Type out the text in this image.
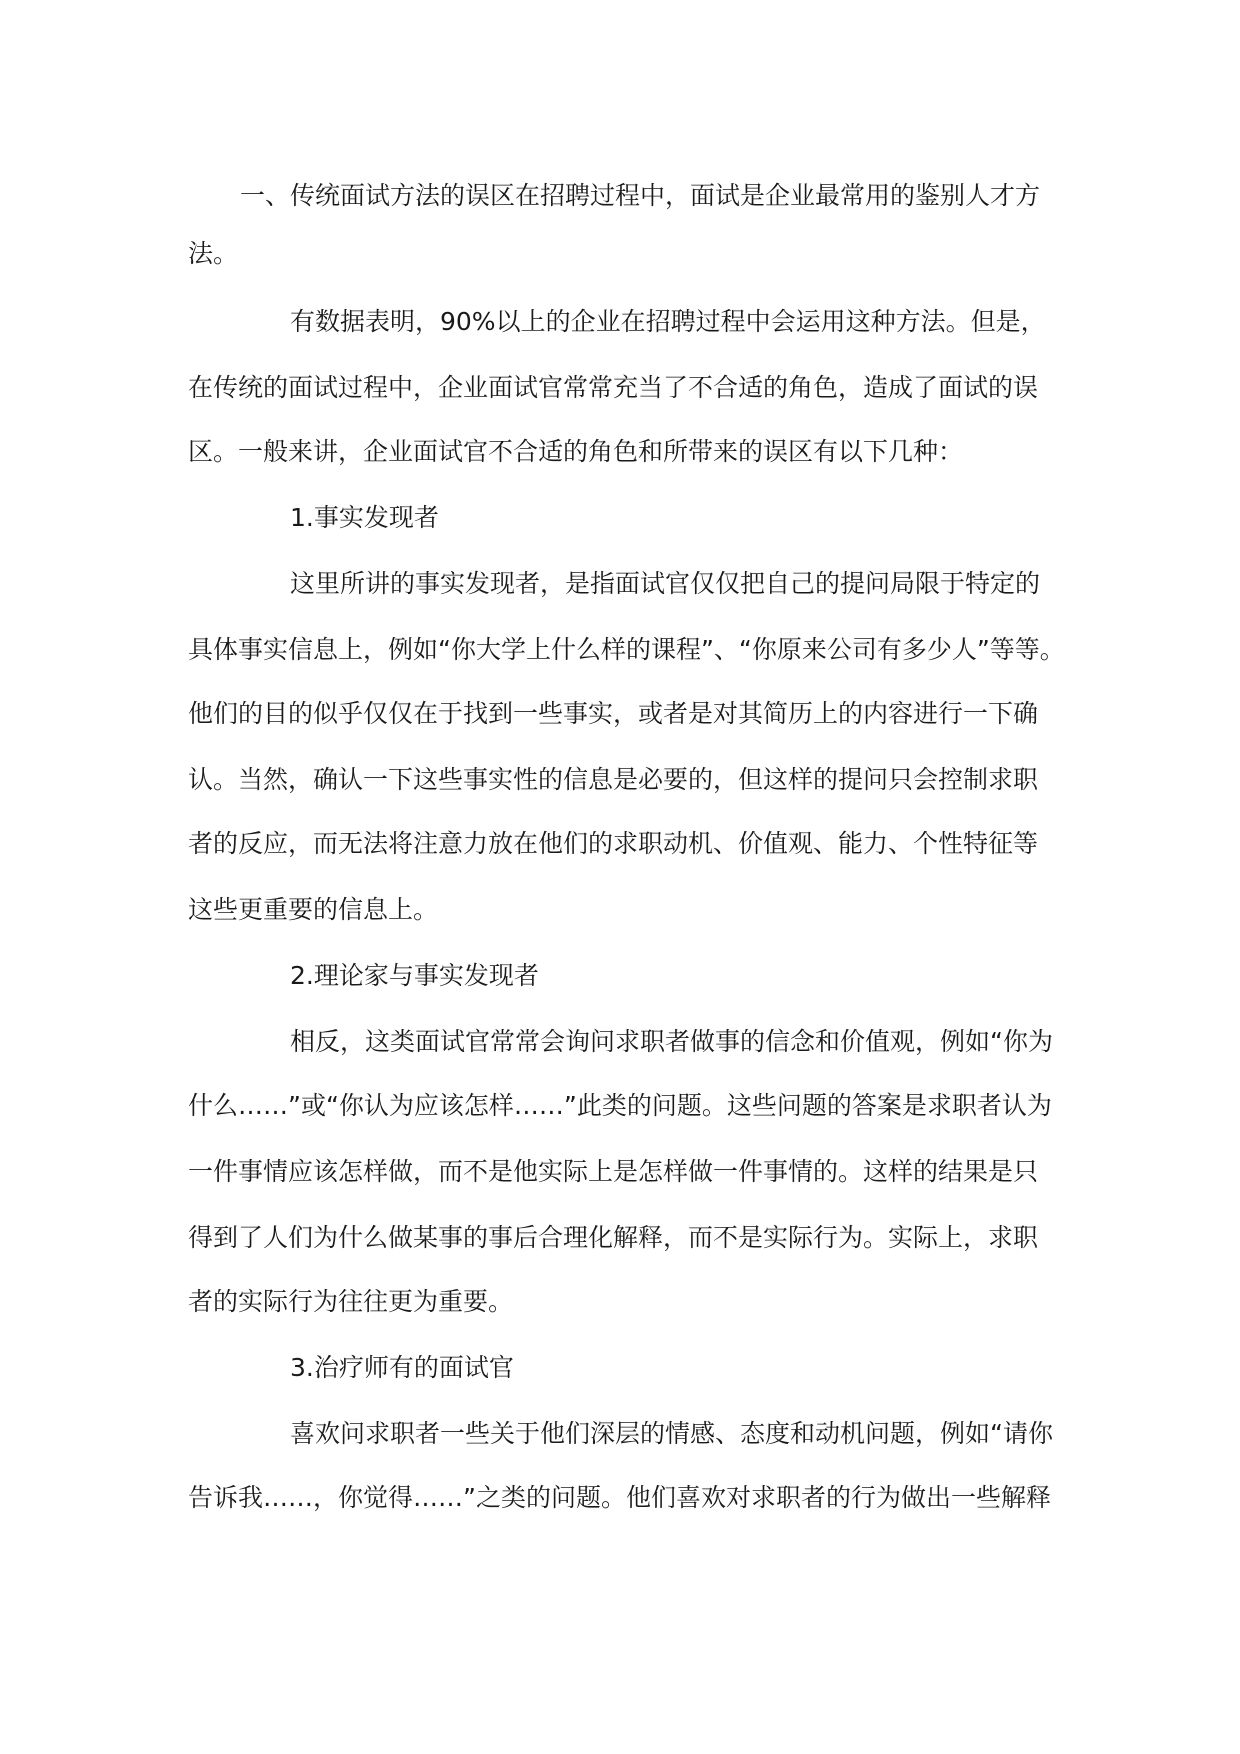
一、传统面试方法的误区在招聘过程中，面试是企业最常用的鉴别人才方
法。
有数据表明，90%以上的企业在招聘过程中会运用这种方法。但是，
在传统的面试过程中，企业面试官常常充当了不合适的角色，造成了面试的误
区。一般来讲，企业面试官不合适的角色和所带来的误区有以下几种：
1.事实发现者
这里所讲的事实发现者，是指面试官仅仅把自己的提问局限于特定的
具体事实信息上，例如“你大学上什么样的课程”、“你原来公司有多少人”等等。
他们的目的似乎仅仅在于找到一些事实，或者是对其简历上的内容进行一下确
认。当然，确认一下这些事实性的信息是必要的，但这样的提问只会控制求职
者的反应，而无法将注意力放在他们的求职动机、价值观、能力、个性特征等
这些更重要的信息上。
2.理论家与事实发现者
相反，这类面试官常常会询问求职者做事的信念和价值观，例如“你为
什么……”或“你认为应该怎样……”此类的问题。这些问题的答案是求职者认为
一件事情应该怎样做，而不是他实际上是怎样做一件事情的。这样的结果是只
得到了人们为什么做某事的事后合理化解释，而不是实际行为。实际上，求职
者的实际行为往往更为重要。
3.治疗师有的面试官
喜欢问求职者一些关于他们深层的情感、态度和动机问题，例如“请你
告诉我……，你觉得……”之类的问题。他们喜欢对求职者的行为做出一些解释
